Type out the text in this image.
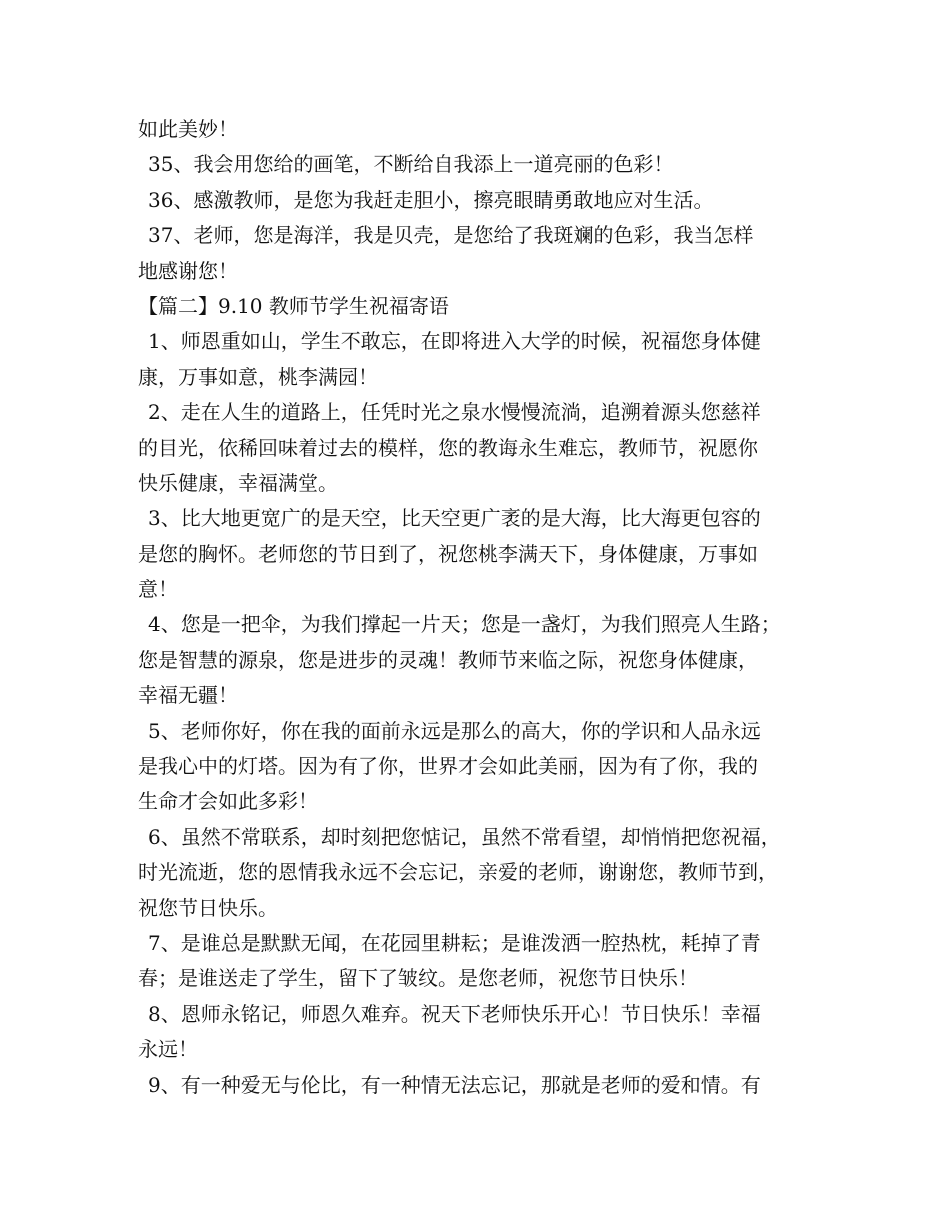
如此美妙！
35、我会用您给的画笔，不断给自我添上一道亮丽的色彩！
36、感激教师，是您为我赶走胆小，擦亮眼睛勇敢地应对生活。
37、老师，您是海洋，我是贝壳，是您给了我斑斓的色彩，我当怎样
地感谢您！
【篇二】9.10 教师节学生祝福寄语
1、师恩重如山，学生不敢忘，在即将进入大学的时候，祝福您身体健
康，万事如意，桃李满园！
2、走在人生的道路上，任凭时光之泉水慢慢流淌，追溯着源头您慈祥
的目光，依稀回味着过去的模样，您的教诲永生难忘，教师节，祝愿你
快乐健康，幸福满堂。
3、比大地更宽广的是天空，比天空更广袤的是大海，比大海更包容的
是您的胸怀。老师您的节日到了，祝您桃李满天下，身体健康，万事如
意！
4、您是一把伞，为我们撑起一片天；您是一盏灯，为我们照亮人生路；
您是智慧的源泉，您是进步的灵魂！教师节来临之际，祝您身体健康，
幸福无疆！
5、老师你好，你在我的面前永远是那么的高大，你的学识和人品永远
是我心中的灯塔。因为有了你，世界才会如此美丽，因为有了你，我的
生命才会如此多彩！
6、虽然不常联系，却时刻把您惦记，虽然不常看望，却悄悄把您祝福，
时光流逝，您的恩情我永远不会忘记，亲爱的老师，谢谢您，教师节到，
祝您节日快乐。
7、是谁总是默默无闻，在花园里耕耘；是谁泼洒一腔热枕，耗掉了青
春；是谁送走了学生，留下了皱纹。是您老师，祝您节日快乐！
8、恩师永铭记，师恩久难弃。祝天下老师快乐开心！节日快乐！幸福
永远！
9、有一种爱无与伦比，有一种情无法忘记，那就是老师的爱和情。有
